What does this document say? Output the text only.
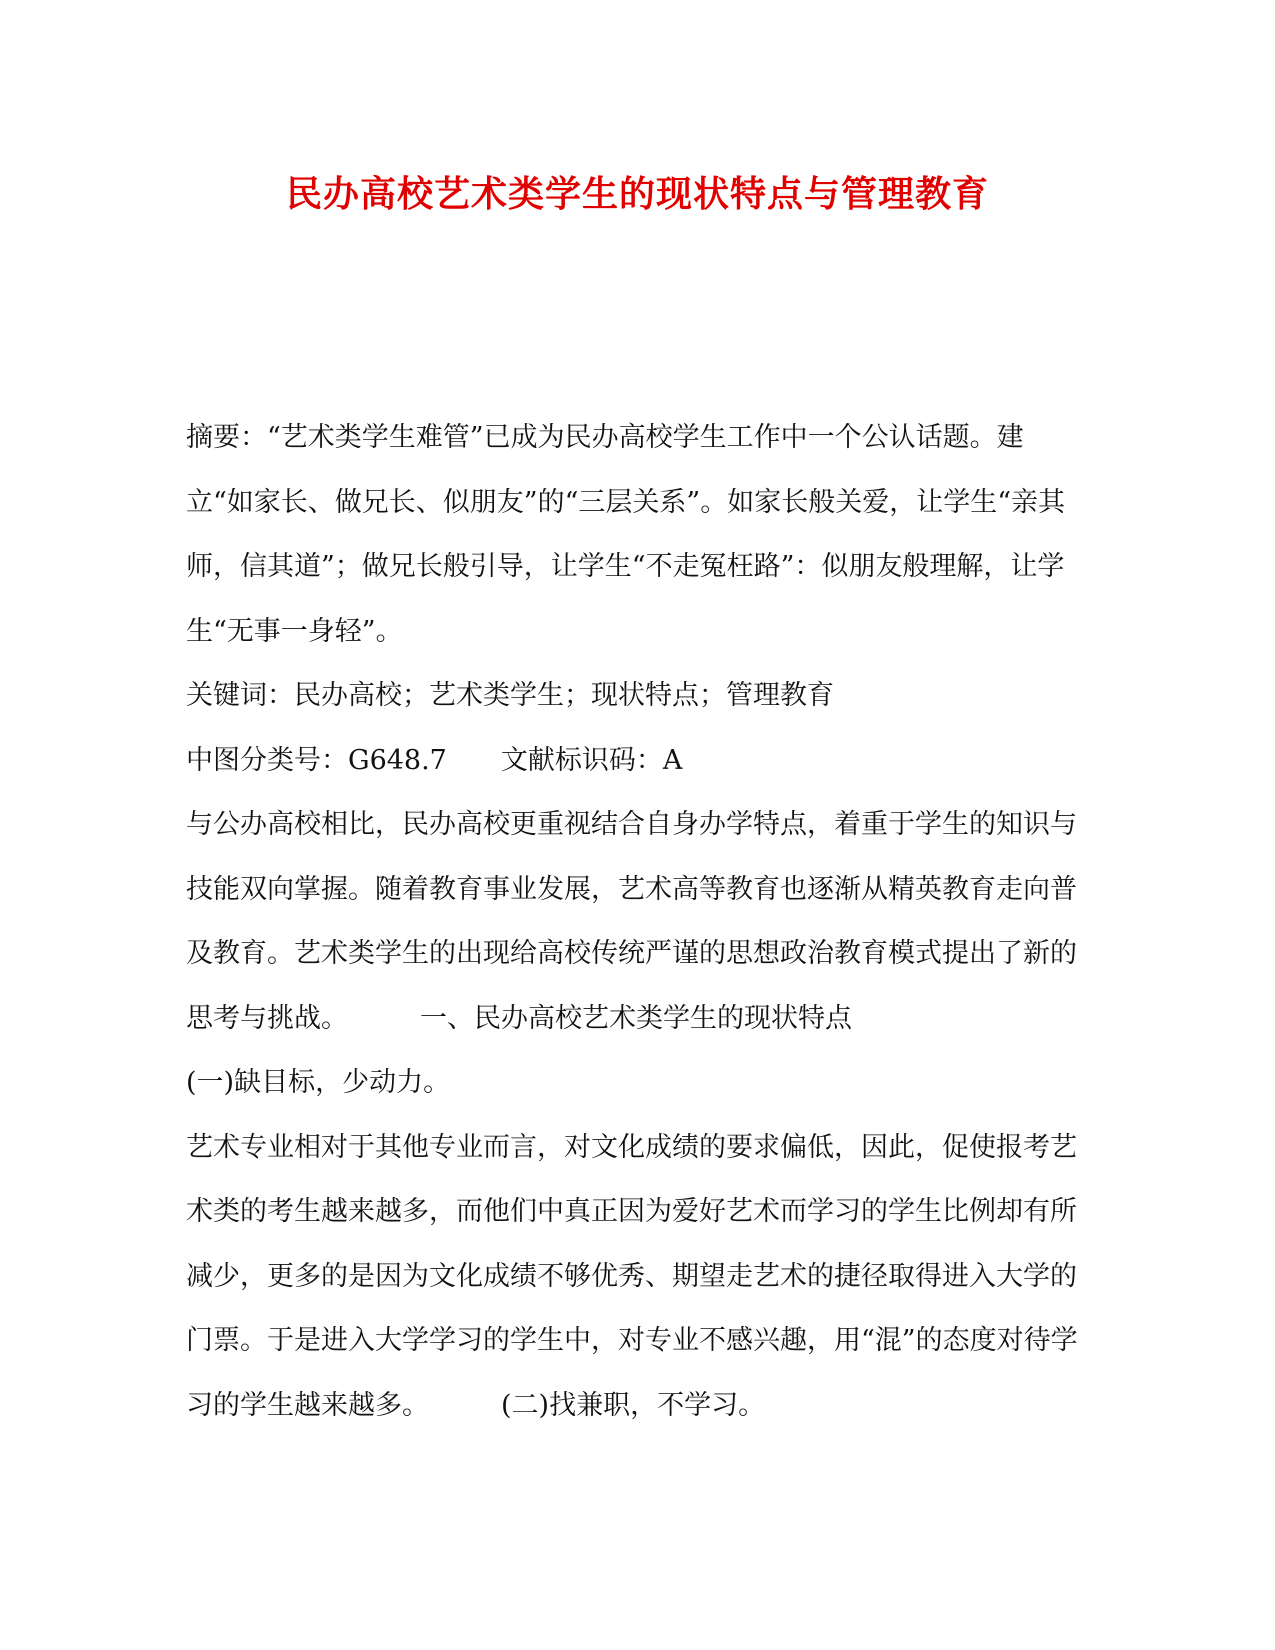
民办高校艺术类学生的现状特点与管理教育

摘要：“艺术类学生难管”已成为民办高校学生工作中一个公认话题。建立“如家长、做兄长、似朋友”的“三层关系”。如家长般关爱，让学生“亲其师，信其道”；做兄长般引导，让学生“不走冤枉路”：似朋友般理解，让学生“无事一身轻”。

关键词：民办高校；艺术类学生；现状特点；管理教育

中图分类号：G648.7 文献标识码：A

与公办高校相比，民办高校更重视结合自身办学特点，着重于学生的知识与技能双向掌握。随着教育事业发展，艺术高等教育也逐渐从精英教育走向普及教育。艺术类学生的出现给高校传统严谨的思想政治教育模式提出了新的思考与挑战。	一、民办高校艺术类学生的现状特点

(一)缺目标，少动力。

艺术专业相对于其他专业而言，对文化成绩的要求偏低，因此，促使报考艺术类的考生越来越多，而他们中真正因为爱好艺术而学习的学生比例却有所减少，更多的是因为文化成绩不够优秀、期望走艺术的捷径取得进入大学的门票。于是进入大学学习的学生中，对专业不感兴趣，用“混”的态度对待学习的学生越来越多。	(二)找兼职，不学习。
